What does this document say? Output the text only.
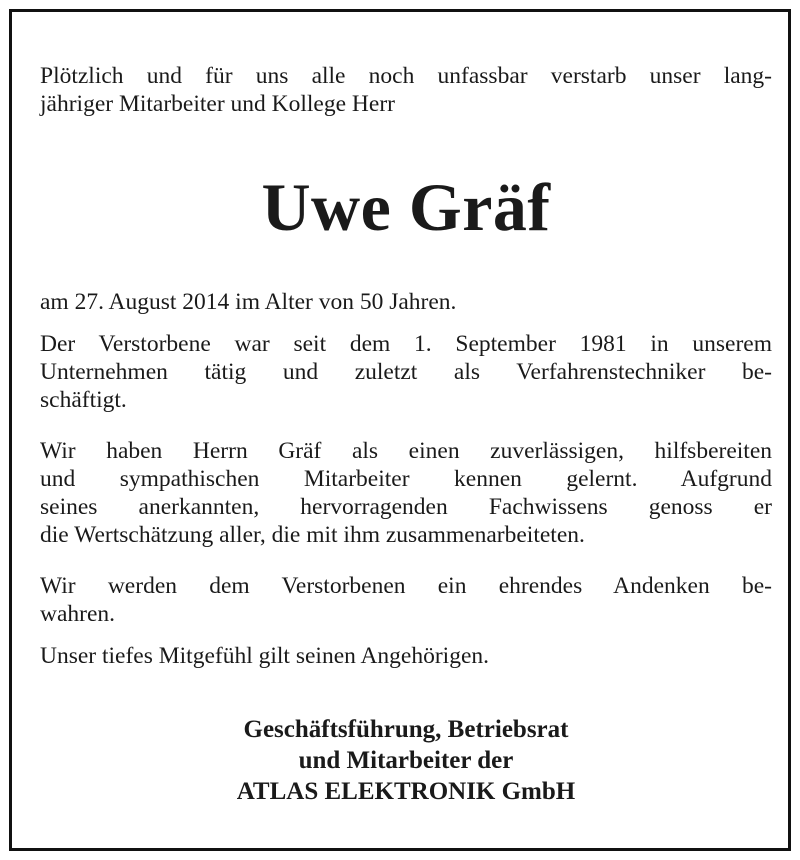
Plötzlich und für uns alle noch unfassbar verstarb unser lang-
jähriger Mitarbeiter und Kollege Herr

Uwe Gräf

am 27. August 2014 im Alter von 50 Jahren.

Der Verstorbene war seit dem 1. September 1981 in unserem
Unternehmen tätig und zuletzt als Verfahrenstechniker be-
schäftigt.

Wir haben Herrn Gräf als einen zuverlässigen, hilfsbereiten
und sympathischen Mitarbeiter kennen gelernt. Aufgrund
seines anerkannten, hervorragenden Fachwissens genoss er
die Wertschätzung aller, die mit ihm zusammenarbeiteten.

Wir werden dem Verstorbenen ein ehrendes Andenken be-
wahren.

Unser tiefes Mitgefühl gilt seinen Angehörigen.

Geschäftsführung, Betriebsrat
und Mitarbeiter der
ATLAS ELEKTRONIK GmbH
